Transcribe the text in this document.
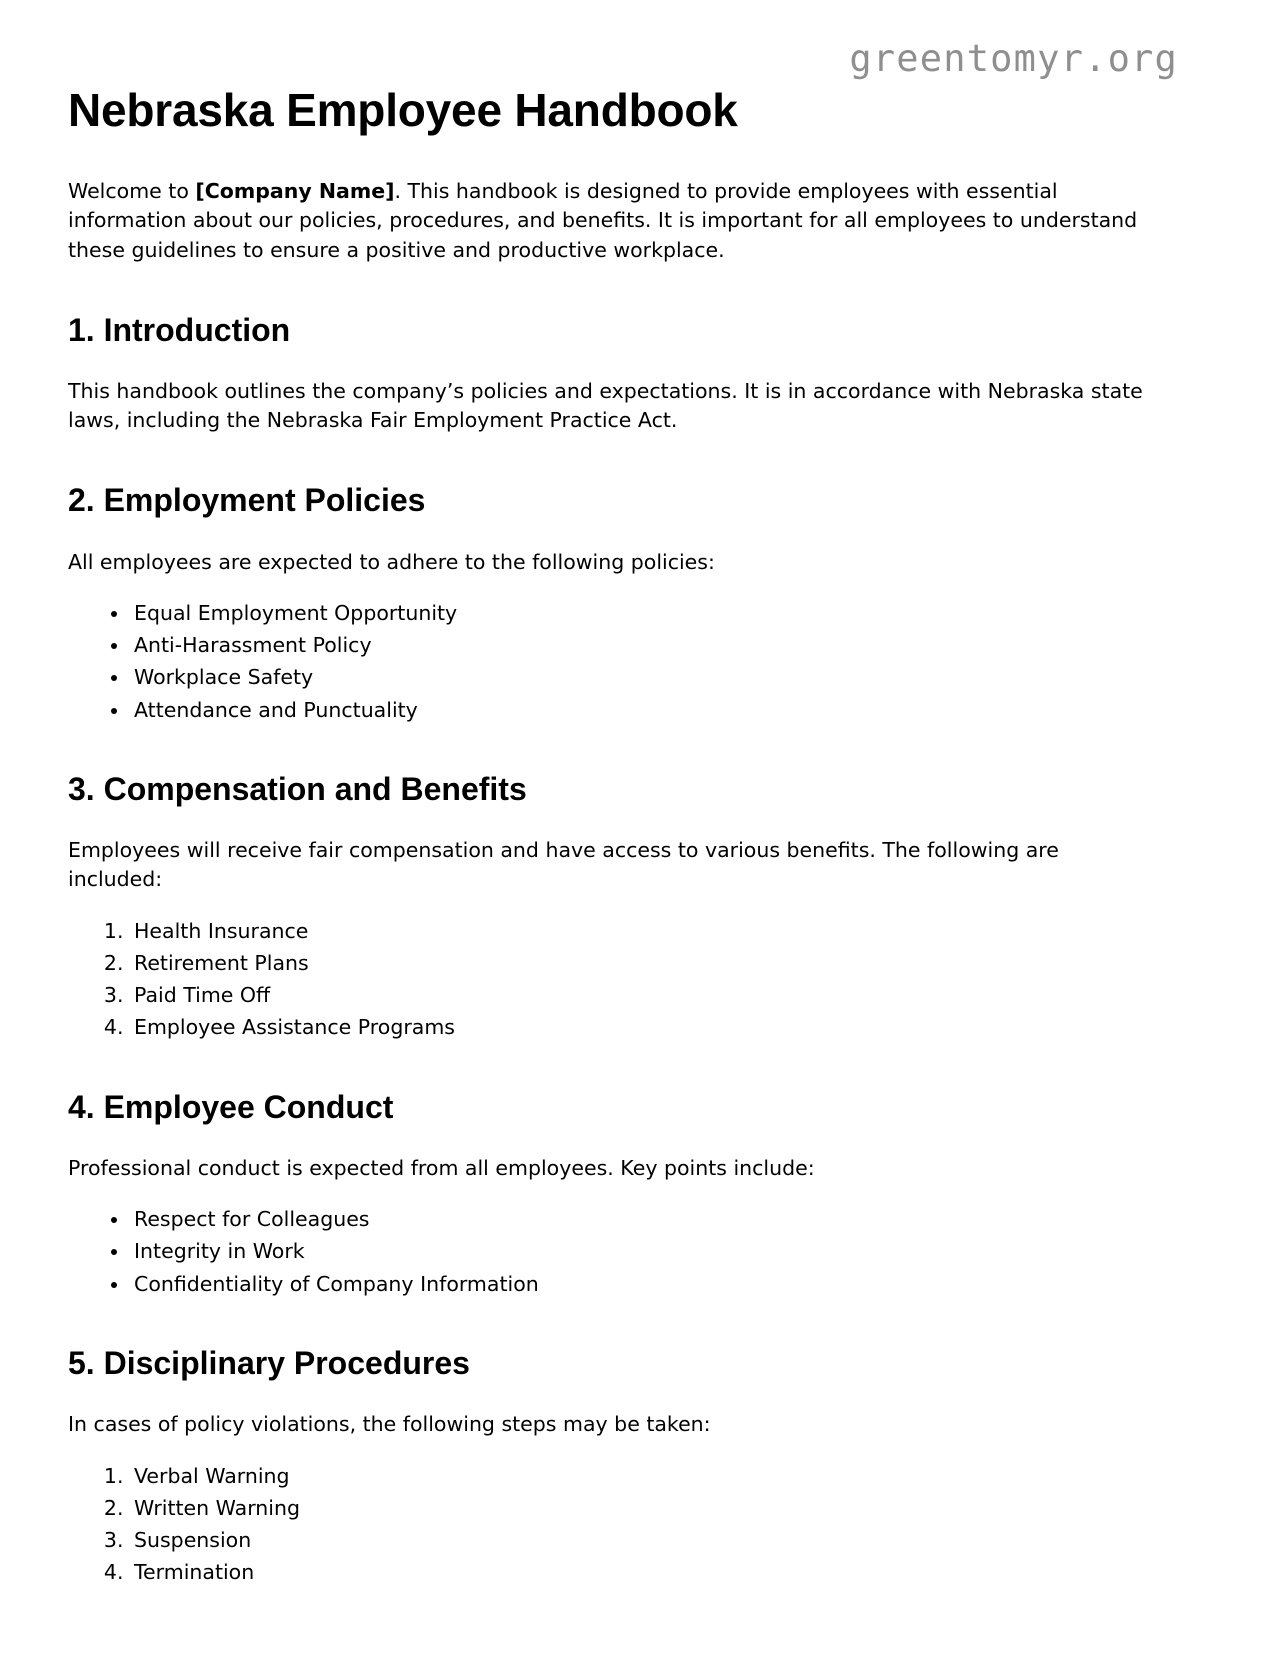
greentomyr.org
Nebraska Employee Handbook

Welcome to [Company Name]. This handbook is designed to provide employees with essential information about our policies, procedures, and benefits. It is important for all employees to understand these guidelines to ensure a positive and productive workplace.

1. Introduction

This handbook outlines the company’s policies and expectations. It is in accordance with Nebraska state laws, including the Nebraska Fair Employment Practice Act.

2. Employment Policies

All employees are expected to adhere to the following policies:

• Equal Employment Opportunity
• Anti-Harassment Policy
• Workplace Safety
• Attendance and Punctuality
3. Compensation and Benefits

Employees will receive fair compensation and have access to various benefits. The following are included:

1. Health Insurance
2. Retirement Plans
3. Paid Time Off
4. Employee Assistance Programs
4. Employee Conduct

Professional conduct is expected from all employees. Key points include:

• Respect for Colleagues
• Integrity in Work
• Confidentiality of Company Information
5. Disciplinary Procedures

In cases of policy violations, the following steps may be taken:

1. Verbal Warning
2. Written Warning
3. Suspension
4. Termination
